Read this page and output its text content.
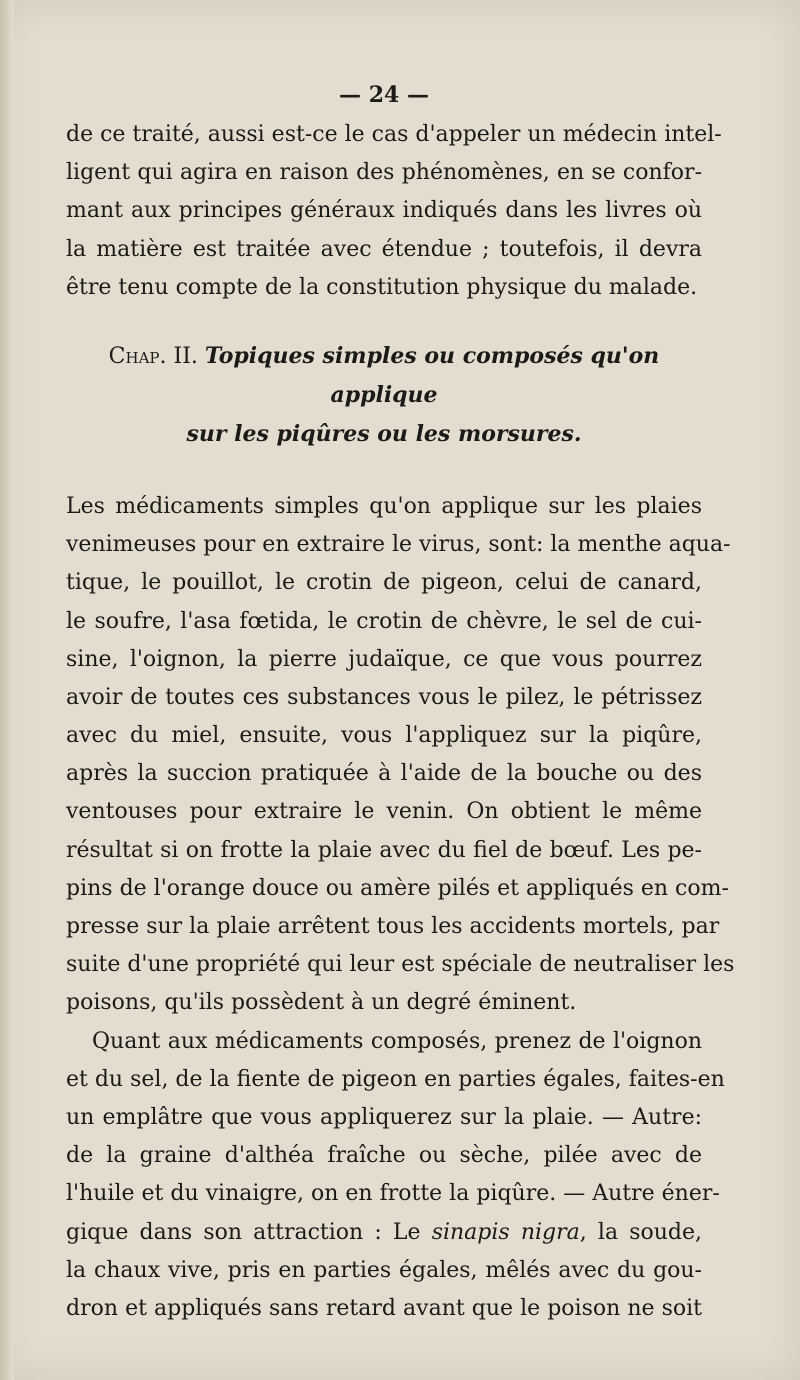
— 24 —
de ce traité, aussi est-ce le cas d'appeler un médecin intel-
ligent qui agira en raison des phénomènes, en se confor-
mant aux principes généraux indiqués dans les livres où
la matière est traitée avec étendue ; toutefois, il devra
être tenu compte de la constitution physique du malade.
Chap. II. Topiques simples ou composés qu'on applique
sur les piqûres ou les morsures.
Les médicaments simples qu'on applique sur les plaies
venimeuses pour en extraire le virus, sont: la menthe aqua-
tique, le pouillot, le crotin de pigeon, celui de canard,
le soufre, l'asa fœtida, le crotin de chèvre, le sel de cui-
sine, l'oignon, la pierre judaïque, ce que vous pourrez
avoir de toutes ces substances vous le pilez, le pétrissez
avec du miel, ensuite, vous l'appliquez sur la piqûre,
après la succion pratiquée à l'aide de la bouche ou des
ventouses pour extraire le venin. On obtient le même
résultat si on frotte la plaie avec du fiel de bœuf. Les pe-
pins de l'orange douce ou amère pilés et appliqués en com-
presse sur la plaie arrêtent tous les accidents mortels, par
suite d'une propriété qui leur est spéciale de neutraliser les
poisons, qu'ils possèdent à un degré éminent.
Quant aux médicaments composés, prenez de l'oignon
et du sel, de la fiente de pigeon en parties égales, faites-en
un emplâtre que vous appliquerez sur la plaie. — Autre:
de la graine d'althéa fraîche ou sèche, pilée avec de
l'huile et du vinaigre, on en frotte la piqûre. — Autre éner-
gique dans son attraction : Le sinapis nigra, la soude,
la chaux vive, pris en parties égales, mêlés avec du gou-
dron et appliqués sans retard avant que le poison ne soit
